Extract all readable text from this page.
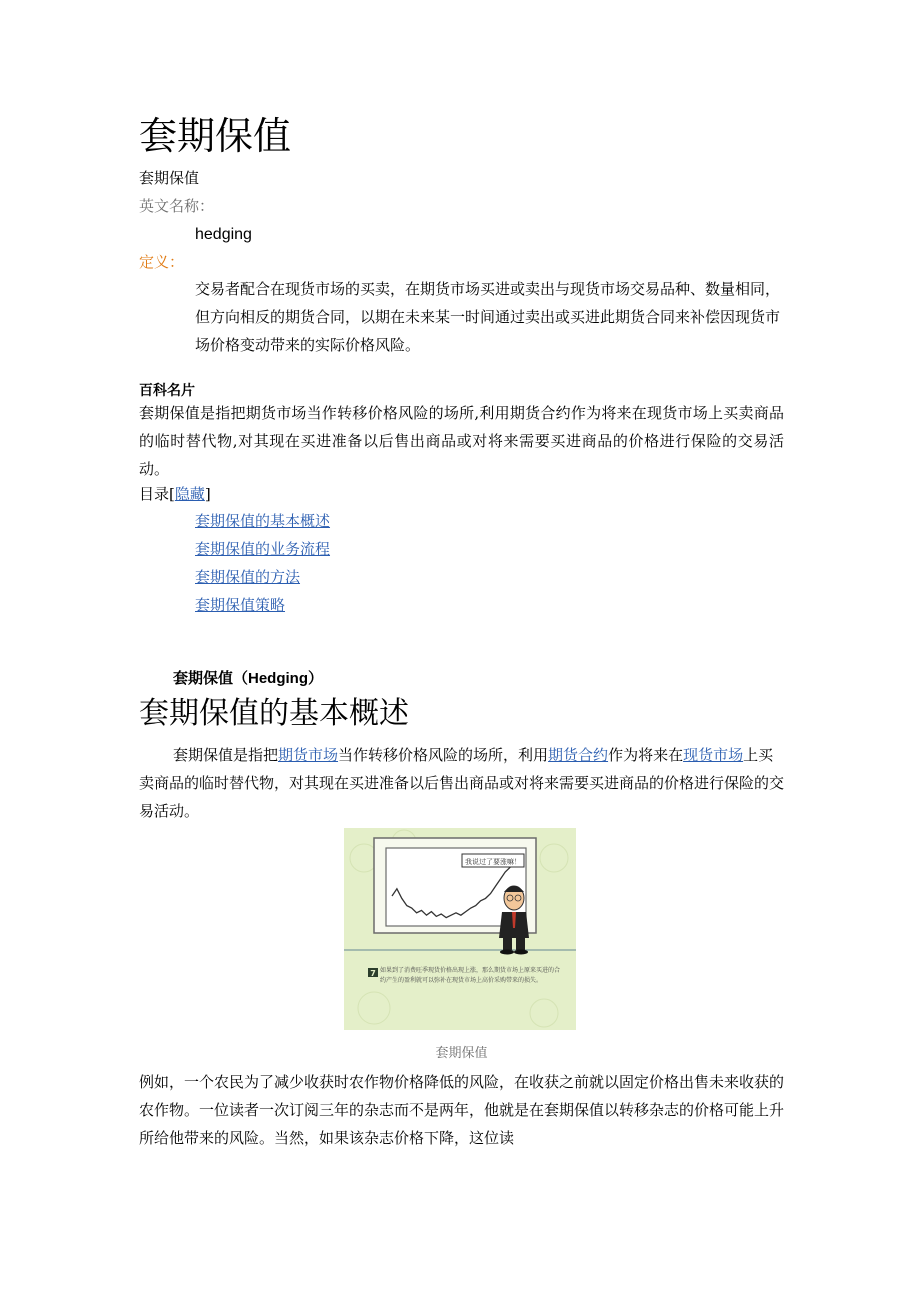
套期保值
套期保值
英文名称：
hedging
定义：
交易者配合在现货市场的买卖，在期货市场买进或卖出与现货市场交易品种、数量相同，但方向相反的期货合同，以期在未来某一时间通过卖出或买进此期货合同来补偿因现货市场价格变动带来的实际价格风险。
百科名片
套期保值是指把期货市场当作转移价格风险的场所,利用期货合约作为将来在现货市场上买卖商品的临时替代物,对其现在买进准备以后售出商品或对将来需要买进商品的价格进行保险的交易活动。
目录[隐藏]
套期保值的基本概述
套期保值的业务流程
套期保值的方法
套期保值策略
套期保值（Hedging）
套期保值的基本概述
套期保值是指把期货市场当作转移价格风险的场所，利用期货合约作为将来在现货市场上买卖商品的临时替代物，对其现在买进准备以后售出商品或对将来需要买进商品的价格进行保险的交易活动。
我说过了要涨嘛！
7 如果到了消费旺季现货价格出现上涨，那么期货市场上原来买进的合约产生的盈利就可以弥补在现货市场上高价采购带来的损失。
套期保值
例如，一个农民为了减少收获时农作物价格降低的风险，在收获之前就以固定价格出售未来收获的农作物。一位读者一次订阅三年的杂志而不是两年，他就是在套期保值以转移杂志的价格可能上升所给他带来的风险。当然，如果该杂志价格下降，这位读
